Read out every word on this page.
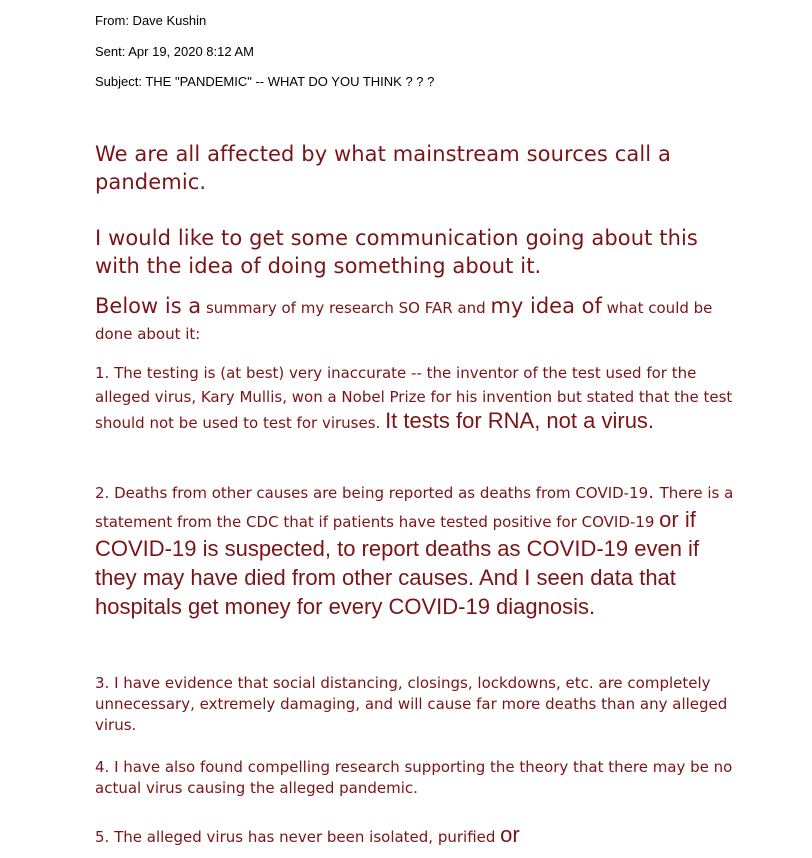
From: Dave Kushin
Sent: Apr 19, 2020 8:12 AM
Subject: THE "PANDEMIC" -- WHAT DO YOU THINK ? ? ?

We are all affected by what mainstream sources call a pandemic.

I would like to get some communication going about this with the idea of doing something about it.

Below is a summary of my research SO FAR and my idea of what could be done about it:

1. The testing is (at best) very inaccurate -- the inventor of the test used for the alleged virus, Kary Mullis, won a Nobel Prize for his invention but stated that the test should not be used to test for viruses. It tests for RNA, not a virus.

2. Deaths from other causes are being reported as deaths from COVID-19. There is a statement from the CDC that if patients have tested positive for COVID-19 or if COVID-19 is suspected, to report deaths as COVID-19 even if they may have died from other causes. And I seen data that hospitals get money for every COVID-19 diagnosis.

3. I have evidence that social distancing, closings, lockdowns, etc. are completely unnecessary, extremely damaging, and will cause far more deaths than any alleged virus.

4. I have also found compelling research supporting the theory that there may be no actual virus causing the alleged pandemic.

5. The alleged virus has never been isolated, purified or
